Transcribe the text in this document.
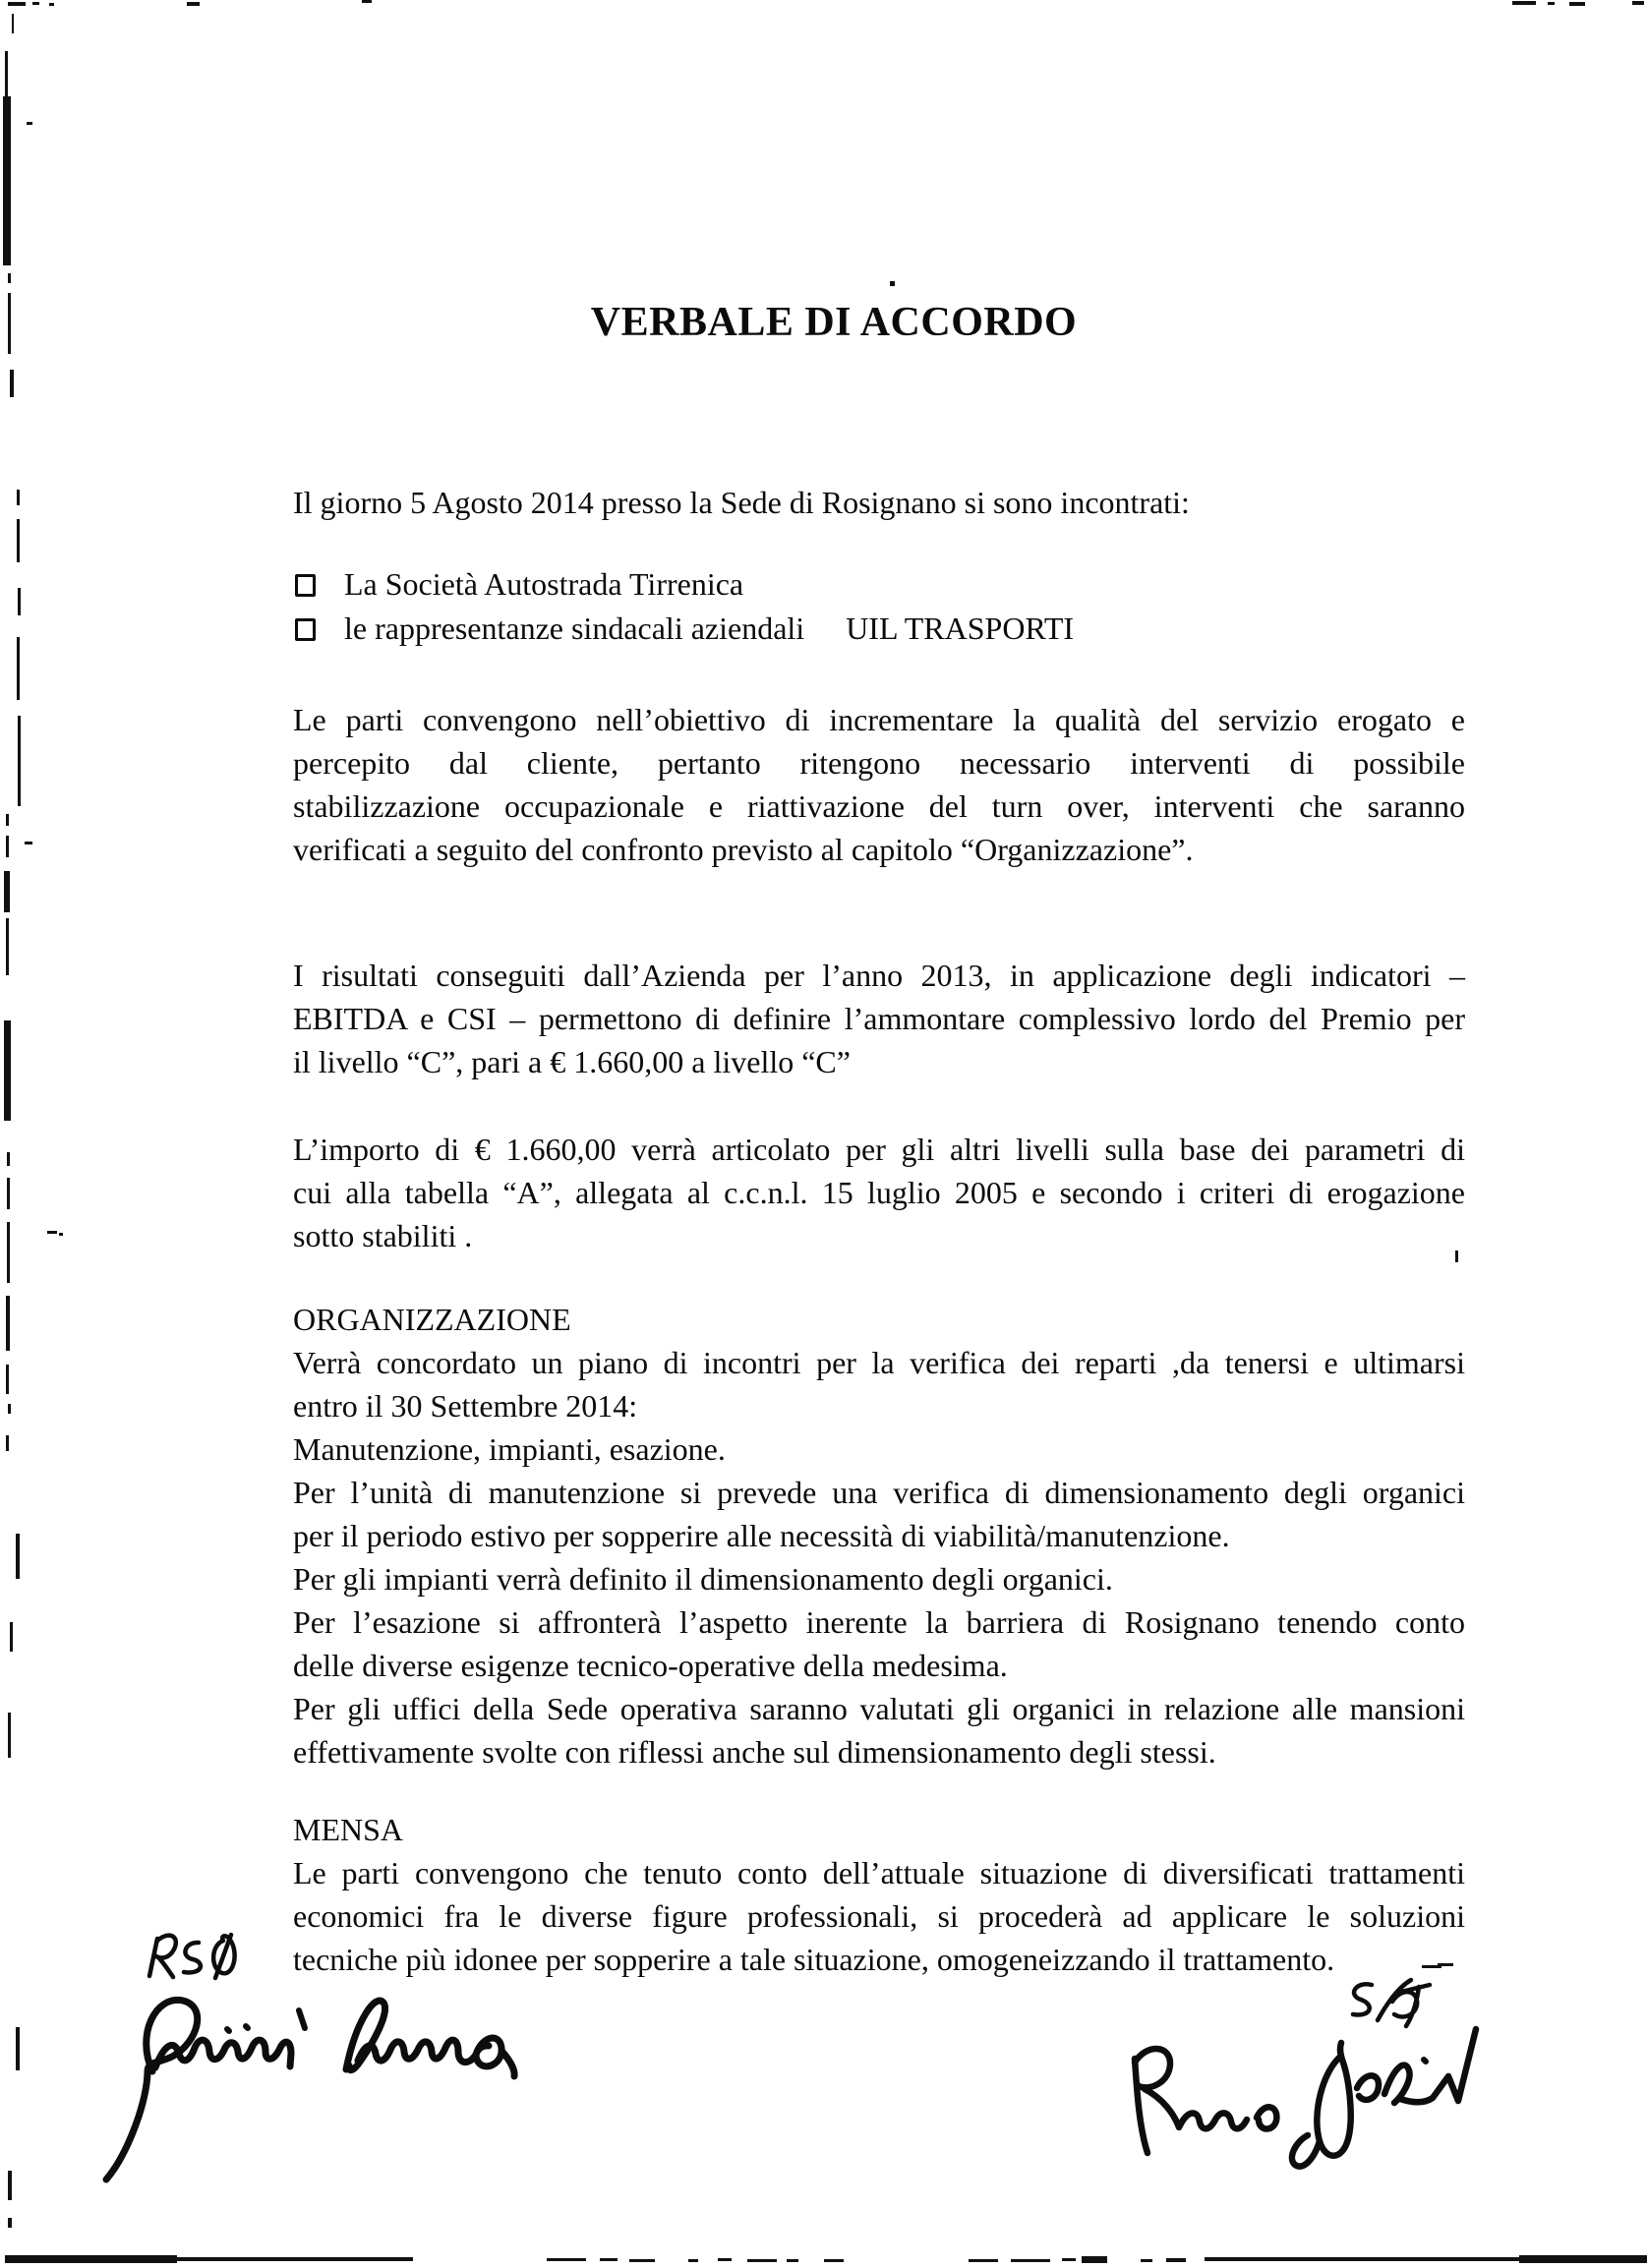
VERBALE DI ACCORDO
Il giorno 5 Agosto 2014 presso la Sede di Rosignano si sono incontrati:
La Società Autostrada Tirrenica
le rappresentanze sindacali aziendali UIL TRASPORTI
Le parti convengono nell’obiettivo di incrementare la qualità del servizio erogato e
percepito dal cliente, pertanto ritengono necessario interventi di possibile
stabilizzazione occupazionale e riattivazione del turn over, interventi che saranno
verificati a seguito del confronto previsto al capitolo “Organizzazione”.
I risultati conseguiti dall’Azienda per l’anno 2013, in applicazione degli indicatori –
EBITDA e CSI – permettono di definire l’ammontare complessivo lordo del Premio per
il livello “C”, pari a € 1.660,00 a livello “C”
L’importo di € 1.660,00 verrà articolato per gli altri livelli sulla base dei parametri di
cui alla tabella “A”, allegata al c.c.n.l. 15 luglio 2005 e secondo i criteri di erogazione
sotto stabiliti .
ORGANIZZAZIONE
Verrà concordato un piano di incontri per la verifica dei reparti ,da tenersi e ultimarsi
entro il 30 Settembre 2014:
Manutenzione, impianti, esazione.
Per l’unità di manutenzione si prevede una verifica di dimensionamento degli organici
per il periodo estivo per sopperire alle necessità di viabilità/manutenzione.
Per gli impianti verrà definito il dimensionamento degli organici.
Per l’esazione si affronterà l’aspetto inerente la barriera di Rosignano tenendo conto
delle diverse esigenze tecnico-operative della medesima.
Per gli uffici della Sede operativa saranno valutati gli organici in relazione alle mansioni
effettivamente svolte con riflessi anche sul dimensionamento degli stessi.
MENSA
Le parti convengono che tenuto conto dell’attuale situazione di diversificati trattamenti
economici fra le diverse figure professionali, si procederà ad applicare le soluzioni
tecniche più idonee per sopperire a tale situazione, omogeneizzando il trattamento.
